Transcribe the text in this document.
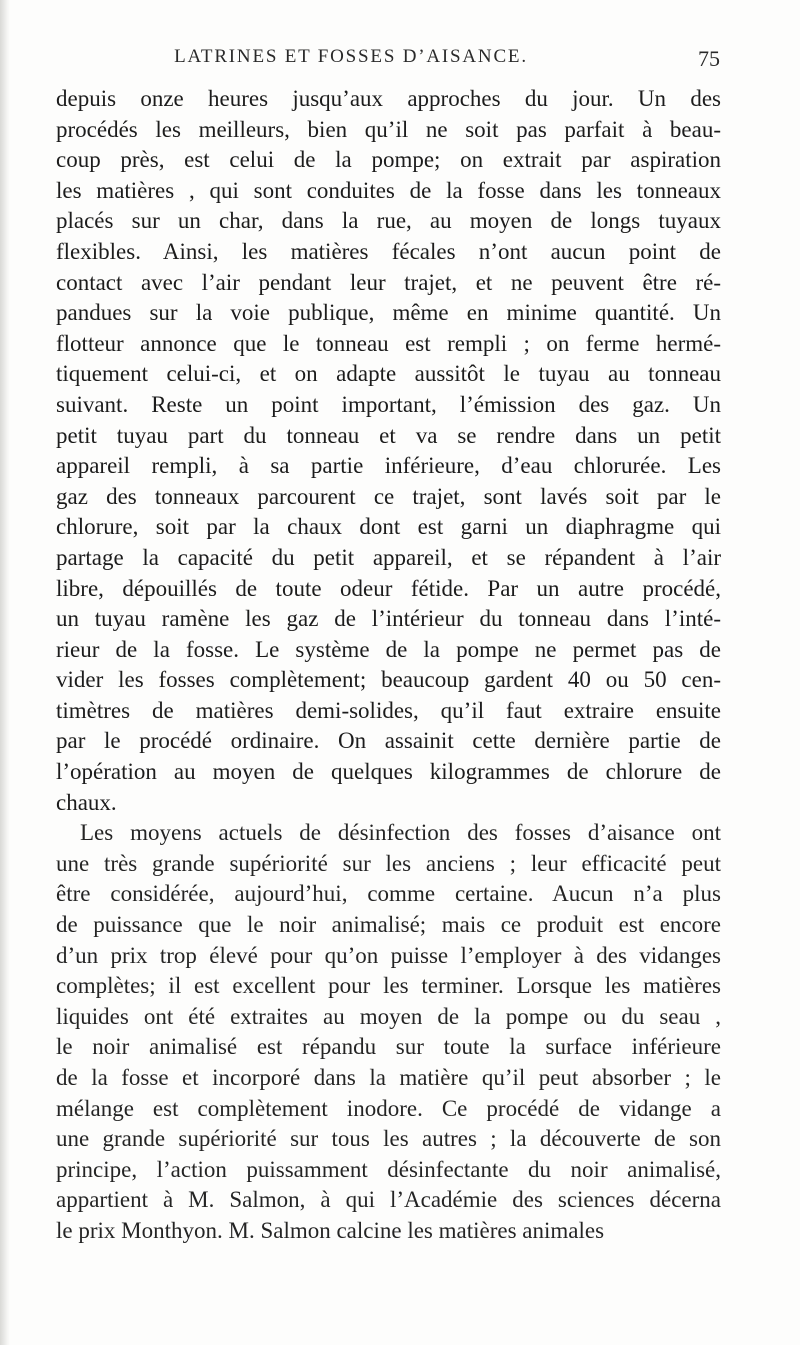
LATRINES ET FOSSES D’AISANCE.	75
depuis onze heures jusqu’aux approches du jour. Un des
procédés les meilleurs, bien qu’il ne soit pas parfait à beau-
coup près, est celui de la pompe; on extrait par aspiration
les matières , qui sont conduites de la fosse dans les tonneaux
placés sur un char, dans la rue, au moyen de longs tuyaux
flexibles. Ainsi, les matières fécales n’ont aucun point de
contact avec l’air pendant leur trajet, et ne peuvent être ré-
pandues sur la voie publique, même en minime quantité. Un
flotteur annonce que le tonneau est rempli ; on ferme hermé-
tiquement celui-ci, et on adapte aussitôt le tuyau au tonneau
suivant. Reste un point important, l’émission des gaz. Un
petit tuyau part du tonneau et va se rendre dans un petit
appareil rempli, à sa partie inférieure, d’eau chlorurée. Les
gaz des tonneaux parcourent ce trajet, sont lavés soit par le
chlorure, soit par la chaux dont est garni un diaphragme qui
partage la capacité du petit appareil, et se répandent à l’air
libre, dépouillés de toute odeur fétide. Par un autre procédé,
un tuyau ramène les gaz de l’intérieur du tonneau dans l’inté-
rieur de la fosse. Le système de la pompe ne permet pas de
vider les fosses complètement; beaucoup gardent 40 ou 50 cen-
timètres de matières demi-solides, qu’il faut extraire ensuite
par le procédé ordinaire. On assainit cette dernière partie de
l’opération au moyen de quelques kilogrammes de chlorure de
chaux.
Les moyens actuels de désinfection des fosses d’aisance ont
une très grande supériorité sur les anciens ; leur efficacité peut
être considérée, aujourd’hui, comme certaine. Aucun n’a plus
de puissance que le noir animalisé; mais ce produit est encore
d’un prix trop élevé pour qu’on puisse l’employer à des vidanges
complètes; il est excellent pour les terminer. Lorsque les matières
liquides ont été extraites au moyen de la pompe ou du seau ,
le noir animalisé est répandu sur toute la surface inférieure
de la fosse et incorporé dans la matière qu’il peut absorber ; le
mélange est complètement inodore. Ce procédé de vidange a
une grande supériorité sur tous les autres ; la découverte de son
principe, l’action puissamment désinfectante du noir animalisé,
appartient à M. Salmon, à qui l’Académie des sciences décerna
le prix Monthyon. M. Salmon calcine les matières animales
